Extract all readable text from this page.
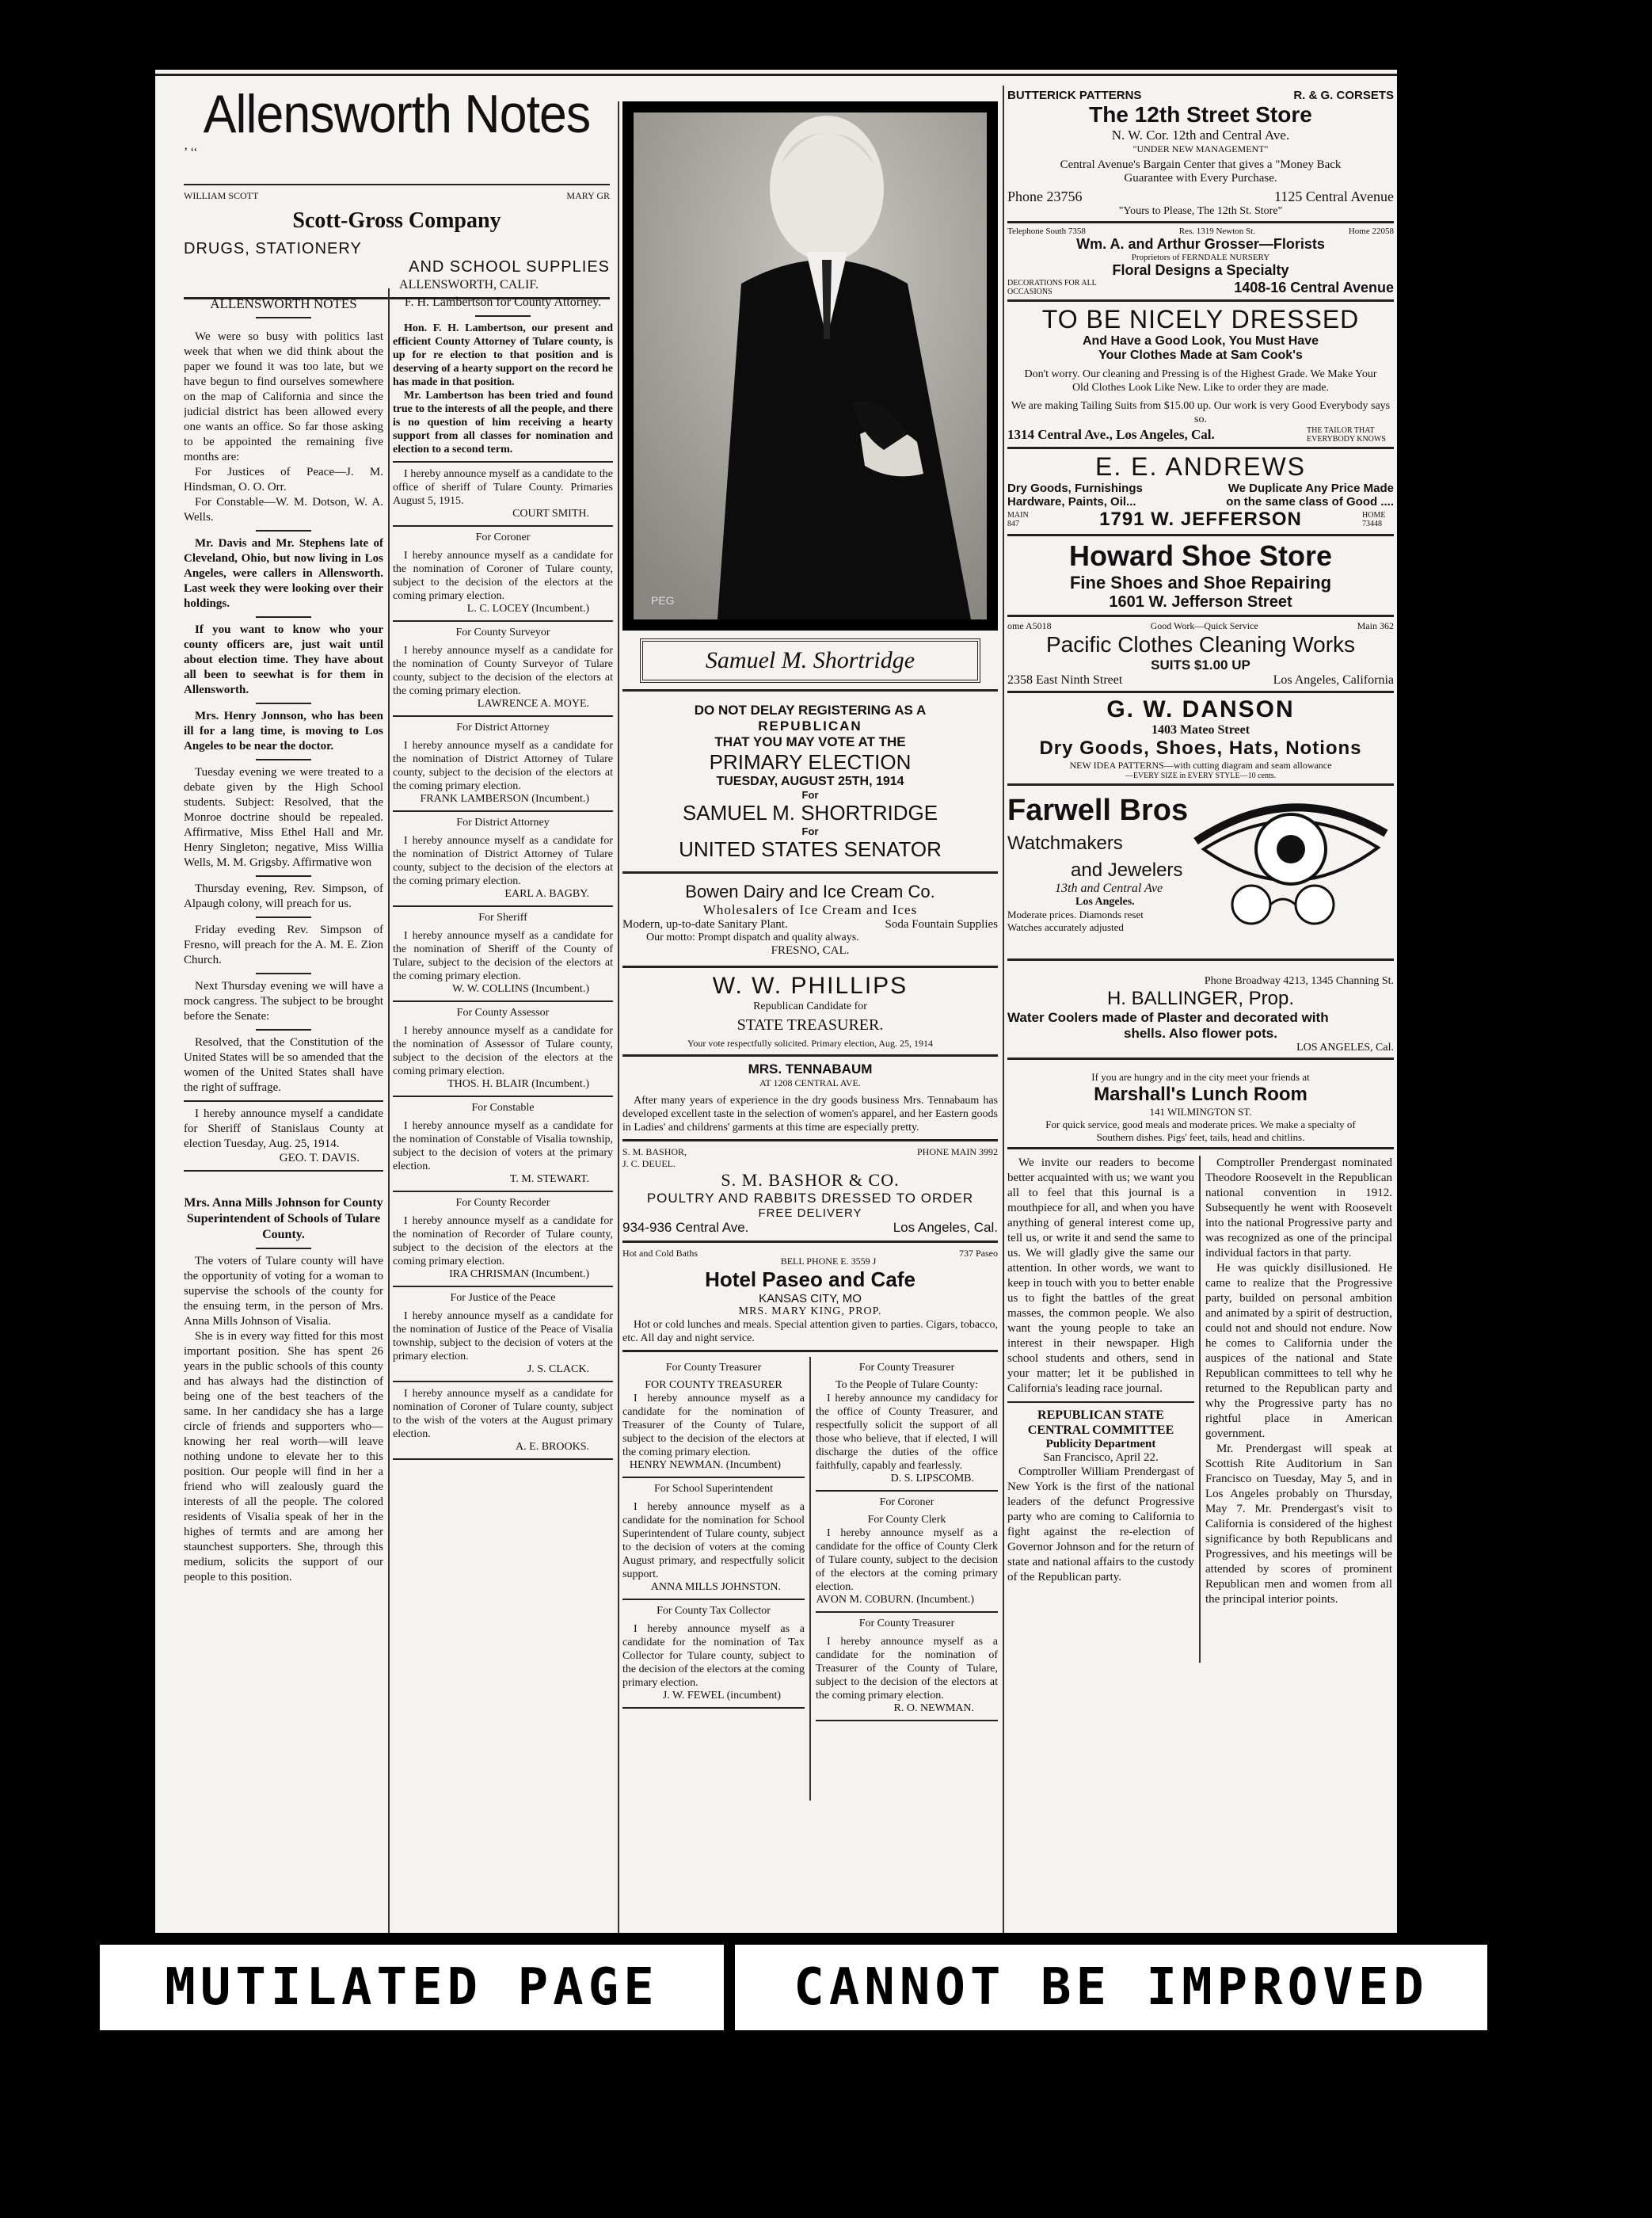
Allensworth Notes
’ ‘‘
WILLIAM SCOTT	MARY GR
Scott-Gross Company
DRUGS, STATIONERY
AND SCHOOL SUPPLIES
ALLENSWORTH, CALIF.
ALLENSWORTH NOTES

We were so busy with politics last week that when we did think about the paper we found it was too late, but we have begun to find ourselves somewhere on the map of California and since the judicial district has been allowed every one wants an office. So far those asking to be appointed the remaining five months are:

For Justices of Peace—J. M. Hindsman, O. O. Orr.

For Constable—W. M. Dotson, W. A. Wells.

Mr. Davis and Mr. Stephens late of Cleveland, Ohio, but now living in Los Angeles, were callers in Allensworth. Last week they were looking over their holdings.

If you want to know who your county officers are, just wait until about election time. They have about all been to seewhat is for them in Allensworth.

Mrs. Henry Jonnson, who has been ill for a lang time, is moving to Los Angeles to be near the doctor.

Tuesday evening we were treated to a debate given by the High School students. Subject: Resolved, that the Monroe doctrine should be repealed. Affirmative, Miss Ethel Hall and Mr. Henry Singleton; negative, Miss Willia Wells, M. M. Grigsby. Affirmative won

Thursday evening, Rev. Simpson, of Alpaugh colony, will preach for us.

Friday eveding Rev. Simpson of Fresno, will preach for the A. M. E. Zion Church.

Next Thursday evening we will have a mock cangress. The subject to be brought before the Senate:

Resolved, that the Constitution of the United States will be so amended that the women of the United States shall have the right of suffrage.

I hereby announce myself a candidate for Sheriff of Stanislaus County at election Tuesday, Aug. 25, 1914.

GEO. T. DAVIS.

Mrs. Anna Mills Johnson for County Superintendent of Schools of Tulare County.

The voters of Tulare county will have the opportunity of voting for a woman to supervise the schools of the county for the ensuing term, in the person of Mrs. Anna Mills Johnson of Visalia.

She is in every way fitted for this most important position. She has spent 26 years in the public schools of this county and has always had the distinction of being one of the best teachers of the same. In her candidacy she has a large circle of friends and supporters who—knowing her real worth—will leave nothing undone to elevate her to this position. Our people will find in her a friend who will zealously guard the interests of all the people. The colored residents of Visalia speak of her in the highes of termts and are among her staunchest supporters. She, through this medium, solicits the support of our people to this position.

F. H. Lambertson for County Attorney.

Hon. F. H. Lambertson, our present and efficient County Attorney of Tulare county, is up for re election to that position and is deserving of a hearty support on the record he has made in that position.

Mr. Lambertson has been tried and found true to the interests of all the people, and there is no question of him receiving a hearty support from all classes for nomination and election to a second term.

I hereby announce myself as a candidate to the office of sheriff of Tulare County. Primaries August 5, 1915.
COURT SMITH.
For Coroner
I hereby announce myself as a candidate for the nomination of Coroner of Tulare county, subject to the decision of the electors at the coming primary election.
L. C. LOCEY (Incumbent.)
For County Surveyor
I hereby announce myself as a candidate for the nomination of County Surveyor of Tulare county, subject to the decision of the electors at the coming primary election.
LAWRENCE A. MOYE.
For District Attorney
I hereby announce myself as a candidate for the nomination of District Attorney of Tulare county, subject to the decision of the electors at the coming primary election.
FRANK LAMBERSON (Incumbent.)
For District Attorney
I hereby announce myself as a candidate for the nomination of District Attorney of Tulare county, subject to the decision of the electors at the coming primary election.
EARL A. BAGBY.
For Sheriff
I hereby announce myself as a candidate for the nomination of Sheriff of the County of Tulare, subject to the decision of the electors at the coming primary election.
W. W. COLLINS (Incumbent.)
For County Assessor
I hereby announce myself as a candidate for the nomination of Assessor of Tulare county, subject to the decision of the electors at the coming primary election.
THOS. H. BLAIR (Incumbent.)
For Constable
I hereby announce myself as a candidate for the nomination of Constable of Visalia township, subject to the decision of voters at the primary election.
T. M. STEWART.
For County Recorder
I hereby announce myself as a candidate for the nomination of Recorder of Tulare county, subject to the decision of the electors at the coming primary election.
IRA CHRISMAN (Incumbent.)
For Justice of the Peace
I hereby announce myself as a candidate for the nomination of Justice of the Peace of Visalia township, subject to the decision of voters at the primary election.
J. S. CLACK.
I hereby announce myself as a candidate for nomination of Coroner of Tulare county, subject to the wish of the voters at the August primary election.
A. E. BROOKS.
PEG
Samuel M. Shortridge
DO NOT DELAY REGISTERING AS A
REPUBLICAN
THAT YOU MAY VOTE AT THE
PRIMARY ELECTION
TUESDAY, AUGUST 25TH, 1914
For
SAMUEL M. SHORTRIDGE
For
UNITED STATES SENATOR
Bowen Dairy and Ice Cream Co.
Wholesalers of Ice Cream and Ices
Modern, up-to-date Sanitary Plant.	Soda Fountain Supplies
Our motto: Prompt dispatch and quality always.
FRESNO, CAL.
W. W. PHILLIPS
Republican Candidate for
STATE TREASURER.
Your vote respectfully solicited. Primary election, Aug. 25, 1914
MRS. TENNABAUM
AT 1208 CENTRAL AVE.

After many years of experience in the dry goods business Mrs. Tennabaum has developed excellent taste in the selection of women's apparel, and her Eastern goods in Ladies' and childrens' garments at this time are especially pretty.

S. M. BASHOR,
J. C. DEUEL.
PHONE MAIN 3992
S. M. BASHOR & CO.
POULTRY AND RABBITS DRESSED TO ORDER
FREE DELIVERY
934-936 Central Ave.	Los Angeles, Cal.
Hot and Cold Baths
BELL PHONE E. 3559 J
737 Paseo
Hotel Paseo and Cafe
KANSAS CITY, MO
MRS. MARY KING, PROP.

Hot or cold lunches and meals. Special attention given to parties. Cigars, tobacco, etc. All day and night service.

For County Treasurer
FOR COUNTY TREASURER
I hereby announce myself as a candidate for the nomination of Treasurer of the County of Tulare, subject to the decision of the electors at the coming primary election.
HENRY NEWMAN. (Incumbent)
For School Superintendent
I hereby announce myself as a candidate for the nomination for School Superintendent of Tulare county, subject to the decision of voters at the coming August primary, and respectfully solicit support.
ANNA MILLS JOHNSTON.
For County Tax Collector
I hereby announce myself as a candidate for the nomination of Tax Collector for Tulare county, subject to the decision of the electors at the coming primary election.
J. W. FEWEL (incumbent)
For County Treasurer
To the People of Tulare County:
I hereby announce my candidacy for the office of County Treasurer, and respectfully solicit the support of all those who believe, that if elected, I will discharge the duties of the office faithfully, capably and fearlessly.
D. S. LIPSCOMB.
For Coroner
For County Clerk
I hereby announce myself as a candidate for the office of County Clerk of Tulare county, subject to the decision of the electors at the coming primary election.
AVON M. COBURN. (Incumbent.)
For County Treasurer
I hereby announce myself as a candidate for the nomination of Treasurer of the County of Tulare, subject to the decision of the electors at the coming primary election.
R. O. NEWMAN.
BUTTERICK PATTERNS	R. & G. CORSETS
The 12th Street Store
N. W. Cor. 12th and Central Ave.
"UNDER NEW MANAGEMENT"
Central Avenue's Bargain Center that gives a "Money Back Guarantee with Every Purchase.
Phone 23756	1125 Central Avenue
"Yours to Please, The 12th St. Store"
Telephone South 7358	Res. 1319 Newton St.	Home 22058
Wm. A. and Arthur Grosser—Florists
Proprietors of FERNDALE NURSERY
Floral Designs a Specialty
DECORATIONS FOR ALL OCCASIONS	1408-16 Central Avenue
TO BE NICELY DRESSED
And Have a Good Look, You Must Have
Your Clothes Made at Sam Cook's
Don't worry. Our cleaning and Pressing is of the Highest Grade. We Make Your Old Clothes Look Like New. Like to order they are made.
We are making Tailing Suits from $15.00 up. Our work is very Good Everybody says so.
1314 Central Ave., Los Angeles, Cal.	THE TAILOR THAT EVERYBODY KNOWS
E. E. ANDREWS
Dry Goods, Furnishings
Hardware, Paints, Oil...
We Duplicate Any Price Made
on the same class of Good ....
MAIN 847	1791 W. JEFFERSON	HOME 73448
Howard Shoe Store
Fine Shoes and Shoe Repairing
1601 W. Jefferson Street
ome A5018	Good Work—Quick Service	Main 362
Pacific Clothes Cleaning Works
SUITS $1.00 UP
2358 East Ninth Street	Los Angeles, California
G. W. DANSON
1403 Mateo Street
Dry Goods, Shoes, Hats, Notions
NEW IDEA PATTERNS—with cutting diagram and seam allowance
—EVERY SIZE in EVERY STYLE—10 cents.
Farwell Bros
Watchmakers
and Jewelers
13th and Central Ave
Los Angeles.
Moderate prices. Diamonds reset
Watches accurately adjusted
Phone Broadway 4213, 1345 Channing St.
H. BALLINGER, Prop.
Water Coolers made of Plaster and decorated with
shells. Also flower pots.
LOS ANGELES, Cal.
If you are hungry and in the city meet your friends at
Marshall's Lunch Room
141 WILMINGTON ST.
For quick service, good meals and moderate prices. We make a specialty of
Southern dishes. Pigs' feet, tails, head and chitlins.

We invite our readers to become better acquainted with us; we want you all to feel that this journal is a mouthpiece for all, and when you have anything of general interest come up, tell us, or write it and send the same to us. We will gladly give the same our attention. In other words, we want to keep in touch with you to better enable us to fight the battles of the great masses, the common people. We also want the young people to take an interest in their newspaper. High school students and others, send in your matter; let it be published in California's leading race journal.

REPUBLICAN STATE CENTRAL COMMITTEE
Publicity Department
San Francisco, April 22.

Comptroller William Prendergast of New York is the first of the national leaders of the defunct Progressive party who are coming to California to fight against the re-election of Governor Johnson and for the return of state and national affairs to the custody of the Republican party.

Comptroller Prendergast nominated Theodore Roosevelt in the Republican national convention in 1912. Subsequently he went with Roosevelt into the national Progressive party and was recognized as one of the principal individual factors in that party.

He was quickly disillusioned. He came to realize that the Progressive party, builded on personal ambition and animated by a spirit of destruction, could not and should not endure. Now he comes to California under the auspices of the national and State Republican committees to tell why he returned to the Republican party and why the Progressive party has no rightful place in American government.

Mr. Prendergast will speak at Scottish Rite Auditorium in San Francisco on Tuesday, May 5, and in Los Angeles probably on Thursday, May 7. Mr. Prendergast's visit to California is considered of the highest significance by both Republicans and Progressives, and his meetings will be attended by scores of prominent Republican men and women from all the principal interior points.

MUTILATED PAGE	CANNOT BE IMPROVED
